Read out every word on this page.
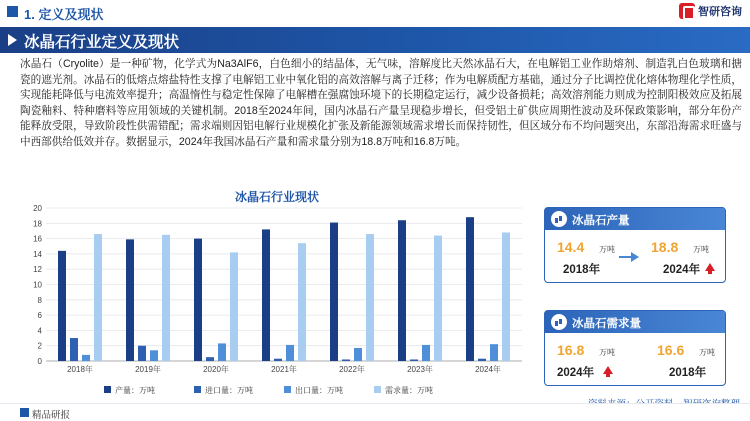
1. 定义及现状	智研咨询
冰晶石行业定义及现状
冰晶石（Cryolite）是一种矿物，化学式为Na3AlF6，白色细小的结晶体，无气味，溶解度比天然冰晶石大，在电解铝工业作助熔剂、制造乳白色玻璃和搪瓷的遮光剂。冰晶石的低熔点熔盐特性支撑了电解铝工业中氧化铝的高效溶解与离子迁移；作为电解质配方基础，通过分子比调控优化熔体物理化学性质，实现能耗降低与电流效率提升；高温惰性与稳定性保障了电解槽在强腐蚀环境下的长期稳定运行，减少设备损耗；高效溶剂能力则成为控制阳极效应及拓展陶瓷釉料、特种磨料等应用领域的关键机制。2018至2024年间，国内冰晶石产量呈现稳步增长，但受铝土矿供应周期性波动及环保政策影响，部分年份产能释放受限，导致阶段性供需错配；需求端则因铝电解行业规模化扩张及新能源领域需求增长而保持韧性，但区域分布不均问题突出，东部沿海需求旺盛与中西部供给低效并存。数据显示，2024年我国冰晶石产量和需求量分别为18.8万吨和16.8万吨。
冰晶石行业现状
0
2
4
6
8
10
12
14
16
18
20
2018年	2019年	2020年	2021年	2022年	2023年	2024年
产量：万吨	进口量：万吨	出口量：万吨	需求量：万吨
冰晶石产量
14.4 万吨
2018年
18.8 万吨
2024年
冰晶石需求量
16.8 万吨
2024年
16.6 万吨
2018年
精品研报
